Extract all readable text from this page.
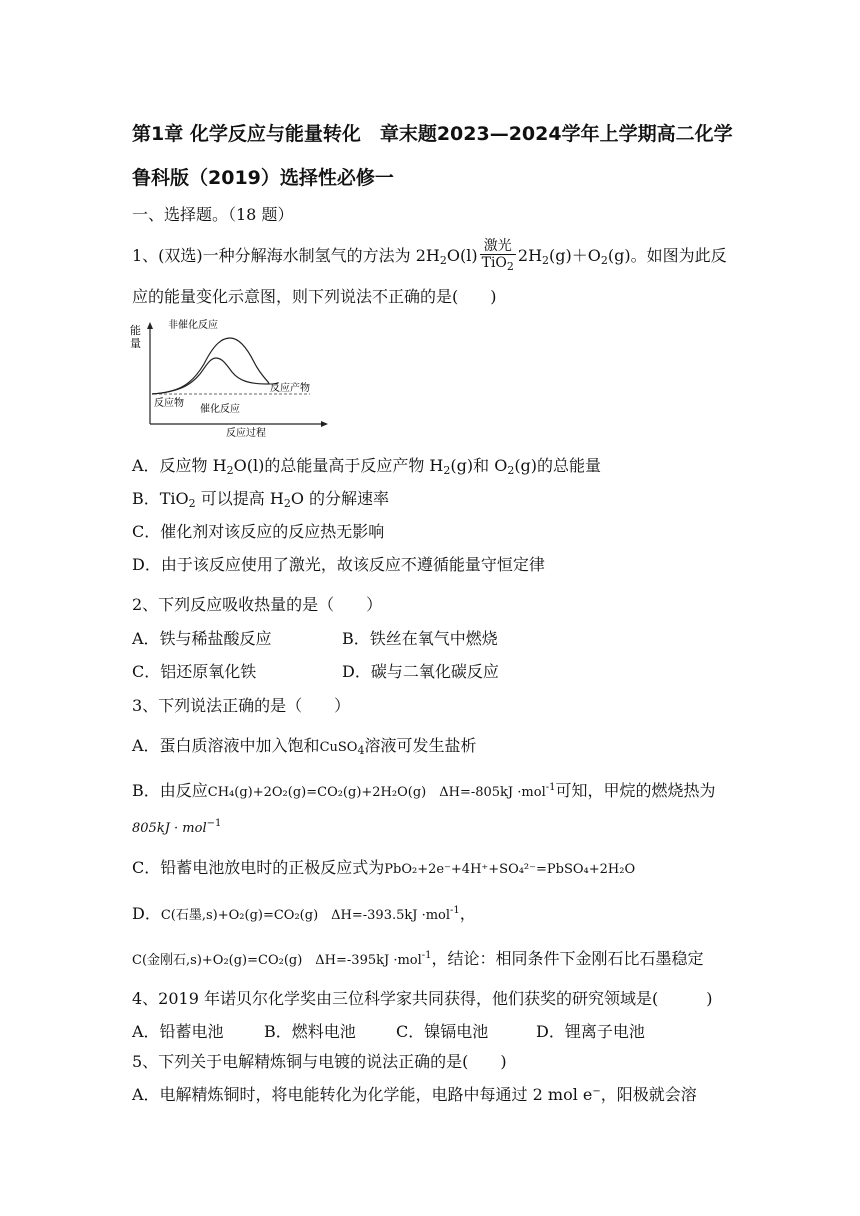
第1章 化学反应与能量转化　章末题2023—2024学年上学期高二化学鲁科版（2019）选择性必修一
一、选择题。（18 题）
1、(双选)一种分解海水制氢气的方法为 $2H_2O(l) \frac{\text{激光}}{TiO_2} 2H_2(g)+O_2(g)$。如图为此反
应的能量变化示意图，则下列说法不正确的是(　　)
能
量
非催化反应
反应产物
反应物
催化反应
反应过程
A．反应物 $H_2O(l)$的总能量高于反应产物 $H_2(g)$和 $O_2(g)$的总能量
B．TiO$_2$ 可以提高 $H_2O$ 的分解速率
C．催化剂对该反应的反应热无影响
D．由于该反应使用了激光，故该反应不遵循能量守恒定律
2、下列反应吸收热量的是（　　）
A．铁与稀盐酸反应	B．铁丝在氧气中燃烧
C．铝还原氧化铁	D．碳与二氧化碳反应
3、下列说法正确的是（　　）
A．蛋白质溶液中加入饱和CuSO$_4$溶液可发生盐析
B．由反应CH₄(g)+2O₂(g)=CO₂(g)+2H₂O(g)　ΔH=-805kJ ·mol$^{-1}$可知，甲烷的燃烧热为
805kJ · mol$^{-1}$
C．铅蓄电池放电时的正极反应式为PbO₂+2e⁻+4H⁺+SO₄²⁻=PbSO₄+2H₂O
D．C(石墨,s)+O₂(g)=CO₂(g)　ΔH=-393.5kJ ·mol$^{-1}$，
C(金刚石,s)+O₂(g)=CO₂(g)　ΔH=-395kJ ·mol$^{-1}$，结论：相同条件下金刚石比石墨稳定
4、2019 年诺贝尔化学奖由三位科学家共同获得，他们获奖的研究领域是(　　　)
A．铅蓄电池	B．燃料电池	C．镍镉电池	D．锂离子电池
5、下列关于电解精炼铜与电镀的说法正确的是(　　)
A．电解精炼铜时，将电能转化为化学能，电路中每通过 2 mol e−，阳极就会溶
